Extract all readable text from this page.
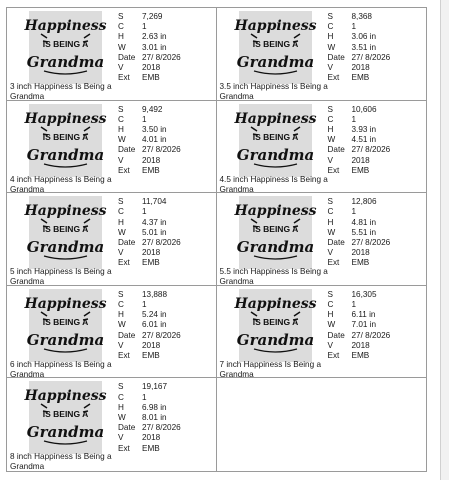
Happiness
IS BEING A
Grandma
3 inch Happiness Is Being a Grandma
S 7,269
C 1
H 2.63 in
W 3.01 in
Date 27/ 8/2026
V 2018
Ext EMB
Happiness
IS BEING A
Grandma
3.5 inch Happiness Is Being a Grandma
S 8,368
C 1
H 3.06 in
W 3.51 in
Date 27/ 8/2026
V 2018
Ext EMB
Happiness
IS BEING A
Grandma
4 inch Happiness Is Being a Grandma
S 9,492
C 1
H 3.50 in
W 4.01 in
Date 27/ 8/2026
V 2018
Ext EMB
Happiness
IS BEING A
Grandma
4.5 inch Happiness Is Being a Grandma
S 10,606
C 1
H 3.93 in
W 4.51 in
Date 27/ 8/2026
V 2018
Ext EMB
Happiness
IS BEING A
Grandma
5 inch Happiness Is Being a Grandma
S 11,704
C 1
H 4.37 in
W 5.01 in
Date 27/ 8/2026
V 2018
Ext EMB
Happiness
IS BEING A
Grandma
5.5 inch Happiness Is Being a Grandma
S 12,806
C 1
H 4.81 in
W 5.51 in
Date 27/ 8/2026
V 2018
Ext EMB
Happiness
IS BEING A
Grandma
6 inch Happiness Is Being a Grandma
S 13,888
C 1
H 5.24 in
W 6.01 in
Date 27/ 8/2026
V 2018
Ext EMB
Happiness
IS BEING A
Grandma
7 inch Happiness Is Being a Grandma
S 16,305
C 1
H 6.11 in
W 7.01 in
Date 27/ 8/2026
V 2018
Ext EMB
Happiness
IS BEING A
Grandma
8 inch Happiness Is Being a Grandma
S 19,167
C 1
H 6.98 in
W 8.01 in
Date 27/ 8/2026
V 2018
Ext EMB
